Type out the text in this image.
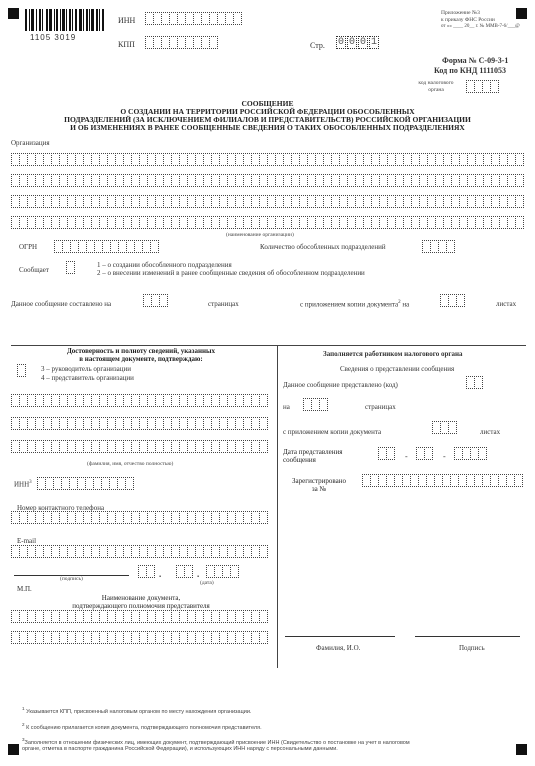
1105 3019
ИНН
КПП	Стр. 0 0 0 1
Приложение №3
к приказу ФНС России
от «» ____ 20__ г. № ММВ-7-6/___@
Форма № С-09-3-1
Код по КНД 1111053
код налогового органа
СООБЩЕНИЕ
О СОЗДАНИИ НА ТЕРРИТОРИИ РОССИЙСКОЙ ФЕДЕРАЦИИ ОБОСОБЛЕННЫХ
ПОДРАЗДЕЛЕНИЙ (ЗА ИСКЛЮЧЕНИЕМ ФИЛИАЛОВ И ПРЕДСТАВИТЕЛЬСТВ) РОССИЙСКОЙ ОРГАНИЗАЦИИ
И ОБ ИЗМЕНЕНИЯХ В РАНЕЕ СООБЩЕННЫЕ СВЕДЕНИЯ О ТАКИХ ОБОСОБЛЕННЫХ ПОДРАЗДЕЛЕНИЯХ
Организация
(наименование организации)
ОГРН	Количество обособленных подразделений
Сообщает
1 – о создании обособленного подразделения
2 – о внесении изменений в ранее сообщенные сведения об обособленном подразделении
Данное сообщение составлено на	страницах	с приложением копии документа$^2$ на	листах
Достоверность и полноту сведений, указанных
в настоящем документе, подтверждаю:
3 – руководитель организации
4 – представитель организации
(фамилия, имя, отчество полностью)
ИНН$^3$
Номер контактного телефона
E-mail
(подпись)	.	.
(дата)
М.П.
Наименование документа,
подтверждающего полномочия представителя
Заполняется работником налогового органа
Сведения о представлении сообщения
Данное сообщение представлено (код)
на	страницах
с приложением копии документа	листах
Дата представления
сообщения	-	-
Зарегистрировано
за №
Фамилия, И.О.	Подпись
$^1$ Указывается КПП, присвоенный налоговым органом по месту нахождения организации.
$^2$ К сообщению прилагается копия документа, подтверждающего полномочия представителя.
$^3$Заполняется в отношении физических лиц, имеющих документ, подтверждающий присвоение ИНН (Свидетельство о постановке на учет в налоговом
органе, отметка в паспорте гражданина Российской Федерации), и использующих ИНН наряду с персональными данными.
